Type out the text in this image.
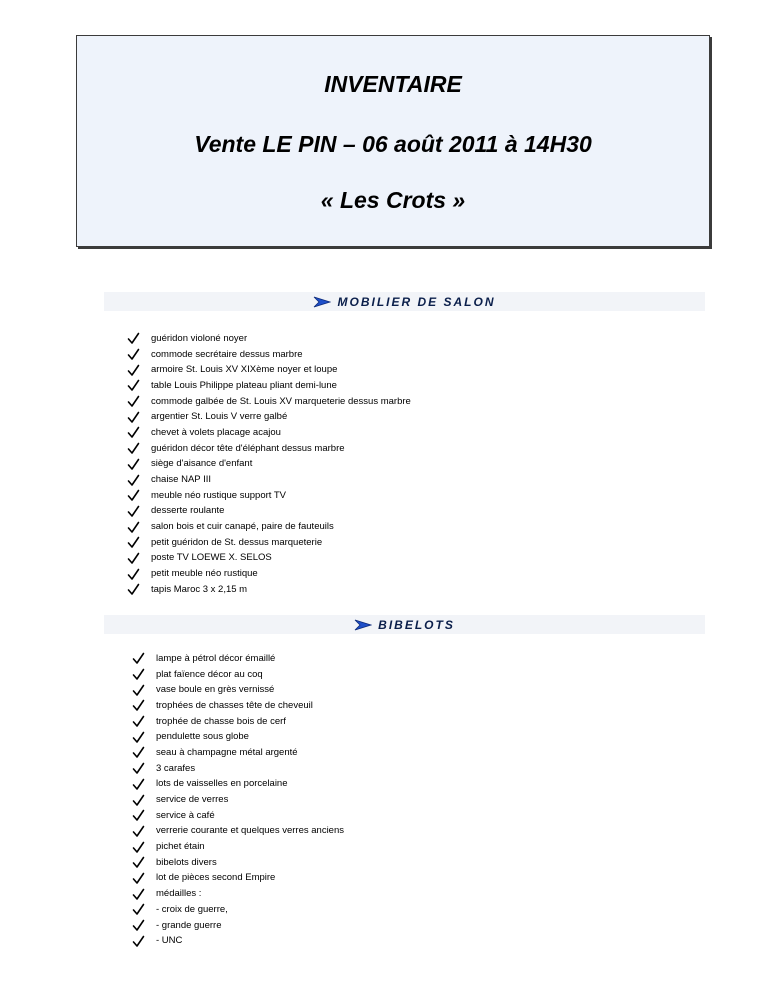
INVENTAIRE

Vente LE PIN – 06 août 2011 à 14H30

« Les Crots »

MOBILIER DE SALON
guéridon violoné noyer
commode secrétaire dessus marbre
armoire St. Louis XV XIXème noyer et loupe
table Louis Philippe plateau pliant demi-lune
commode galbée de St. Louis XV marqueterie dessus marbre
argentier St. Louis V verre galbé
chevet à volets placage acajou
guéridon décor tête d'éléphant dessus marbre
siège d'aisance d'enfant
chaise NAP III
meuble néo rustique support TV
desserte roulante
salon bois et cuir canapé, paire de fauteuils
petit guéridon de St. dessus marqueterie
poste TV LOEWE X. SELOS
petit meuble néo rustique
tapis Maroc 3 x 2,15 m
BIBELOTS
lampe à pétrol décor émaillé
plat faïence décor au coq
vase boule en grès vernissé
trophées de chasses tête de cheveuil
trophée de chasse bois de cerf
pendulette sous globe
seau à champagne métal argenté
3 carafes
lots de vaisselles en porcelaine
service de verres
service à café
verrerie courante et quelques verres anciens
pichet étain
bibelots divers
lot de pièces second Empire
médailles :
- croix de guerre,
- grande guerre
- UNC
